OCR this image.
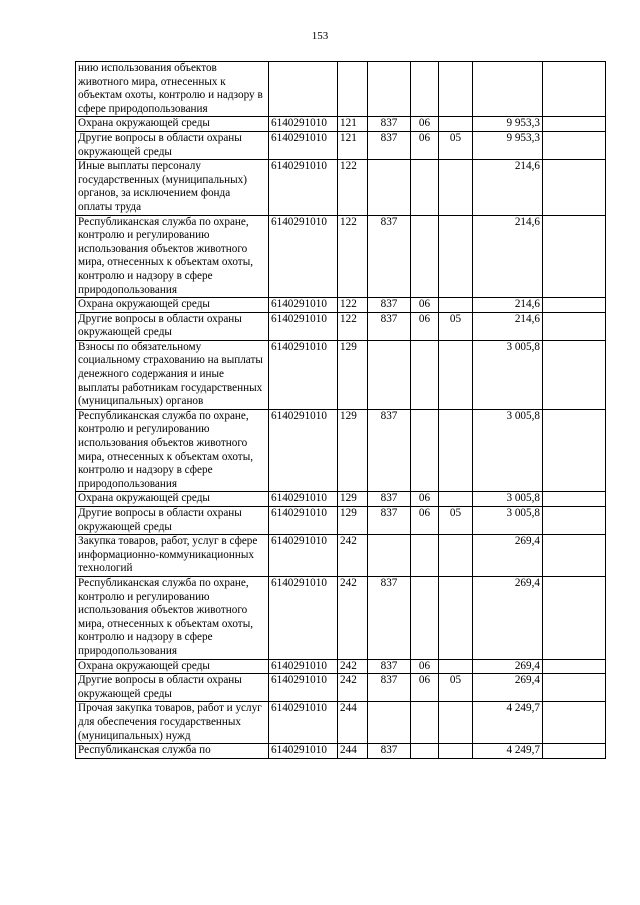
153
нию использования объектов животного мира, отнесенных к объектам охоты, контролю и надзору в сфере природопользования							
Охрана окружающей среды	6140291010	121	837	06		9 953,3	
Другие вопросы в области охраны окружающей среды	6140291010	121	837	06	05	9 953,3	
Иные выплаты персоналу государственных (муниципальных) органов, за исключением фонда оплаты труда	6140291010	122				214,6	
Республиканская служба по охране, контролю и регулированию использования объектов животного мира, отнесенных к объектам охоты, контролю и надзору в сфере природопользования	6140291010	122	837			214,6	
Охрана окружающей среды	6140291010	122	837	06		214,6	
Другие вопросы в области охраны окружающей среды	6140291010	122	837	06	05	214,6	
Взносы по обязательному социальному страхованию на выплаты денежного содержания и иные выплаты работникам государственных (муниципальных) органов	6140291010	129				3 005,8	
Республиканская служба по охране, контролю и регулированию использования объектов животного мира, отнесенных к объектам охоты, контролю и надзору в сфере природопользования	6140291010	129	837			3 005,8	
Охрана окружающей среды	6140291010	129	837	06		3 005,8	
Другие вопросы в области охраны окружающей среды	6140291010	129	837	06	05	3 005,8	
Закупка товаров, работ, услуг в сфере информационно-коммуникационных технологий	6140291010	242				269,4	
Республиканская служба по охране, контролю и регулированию использования объектов животного мира, отнесенных к объектам охоты, контролю и надзору в сфере природопользования	6140291010	242	837			269,4	
Охрана окружающей среды	6140291010	242	837	06		269,4	
Другие вопросы в области охраны окружающей среды	6140291010	242	837	06	05	269,4	
Прочая закупка товаров, работ и услуг для обеспечения государственных (муниципальных) нужд	6140291010	244				4 249,7	
Республиканская служба по	6140291010	244	837			4 249,7	
